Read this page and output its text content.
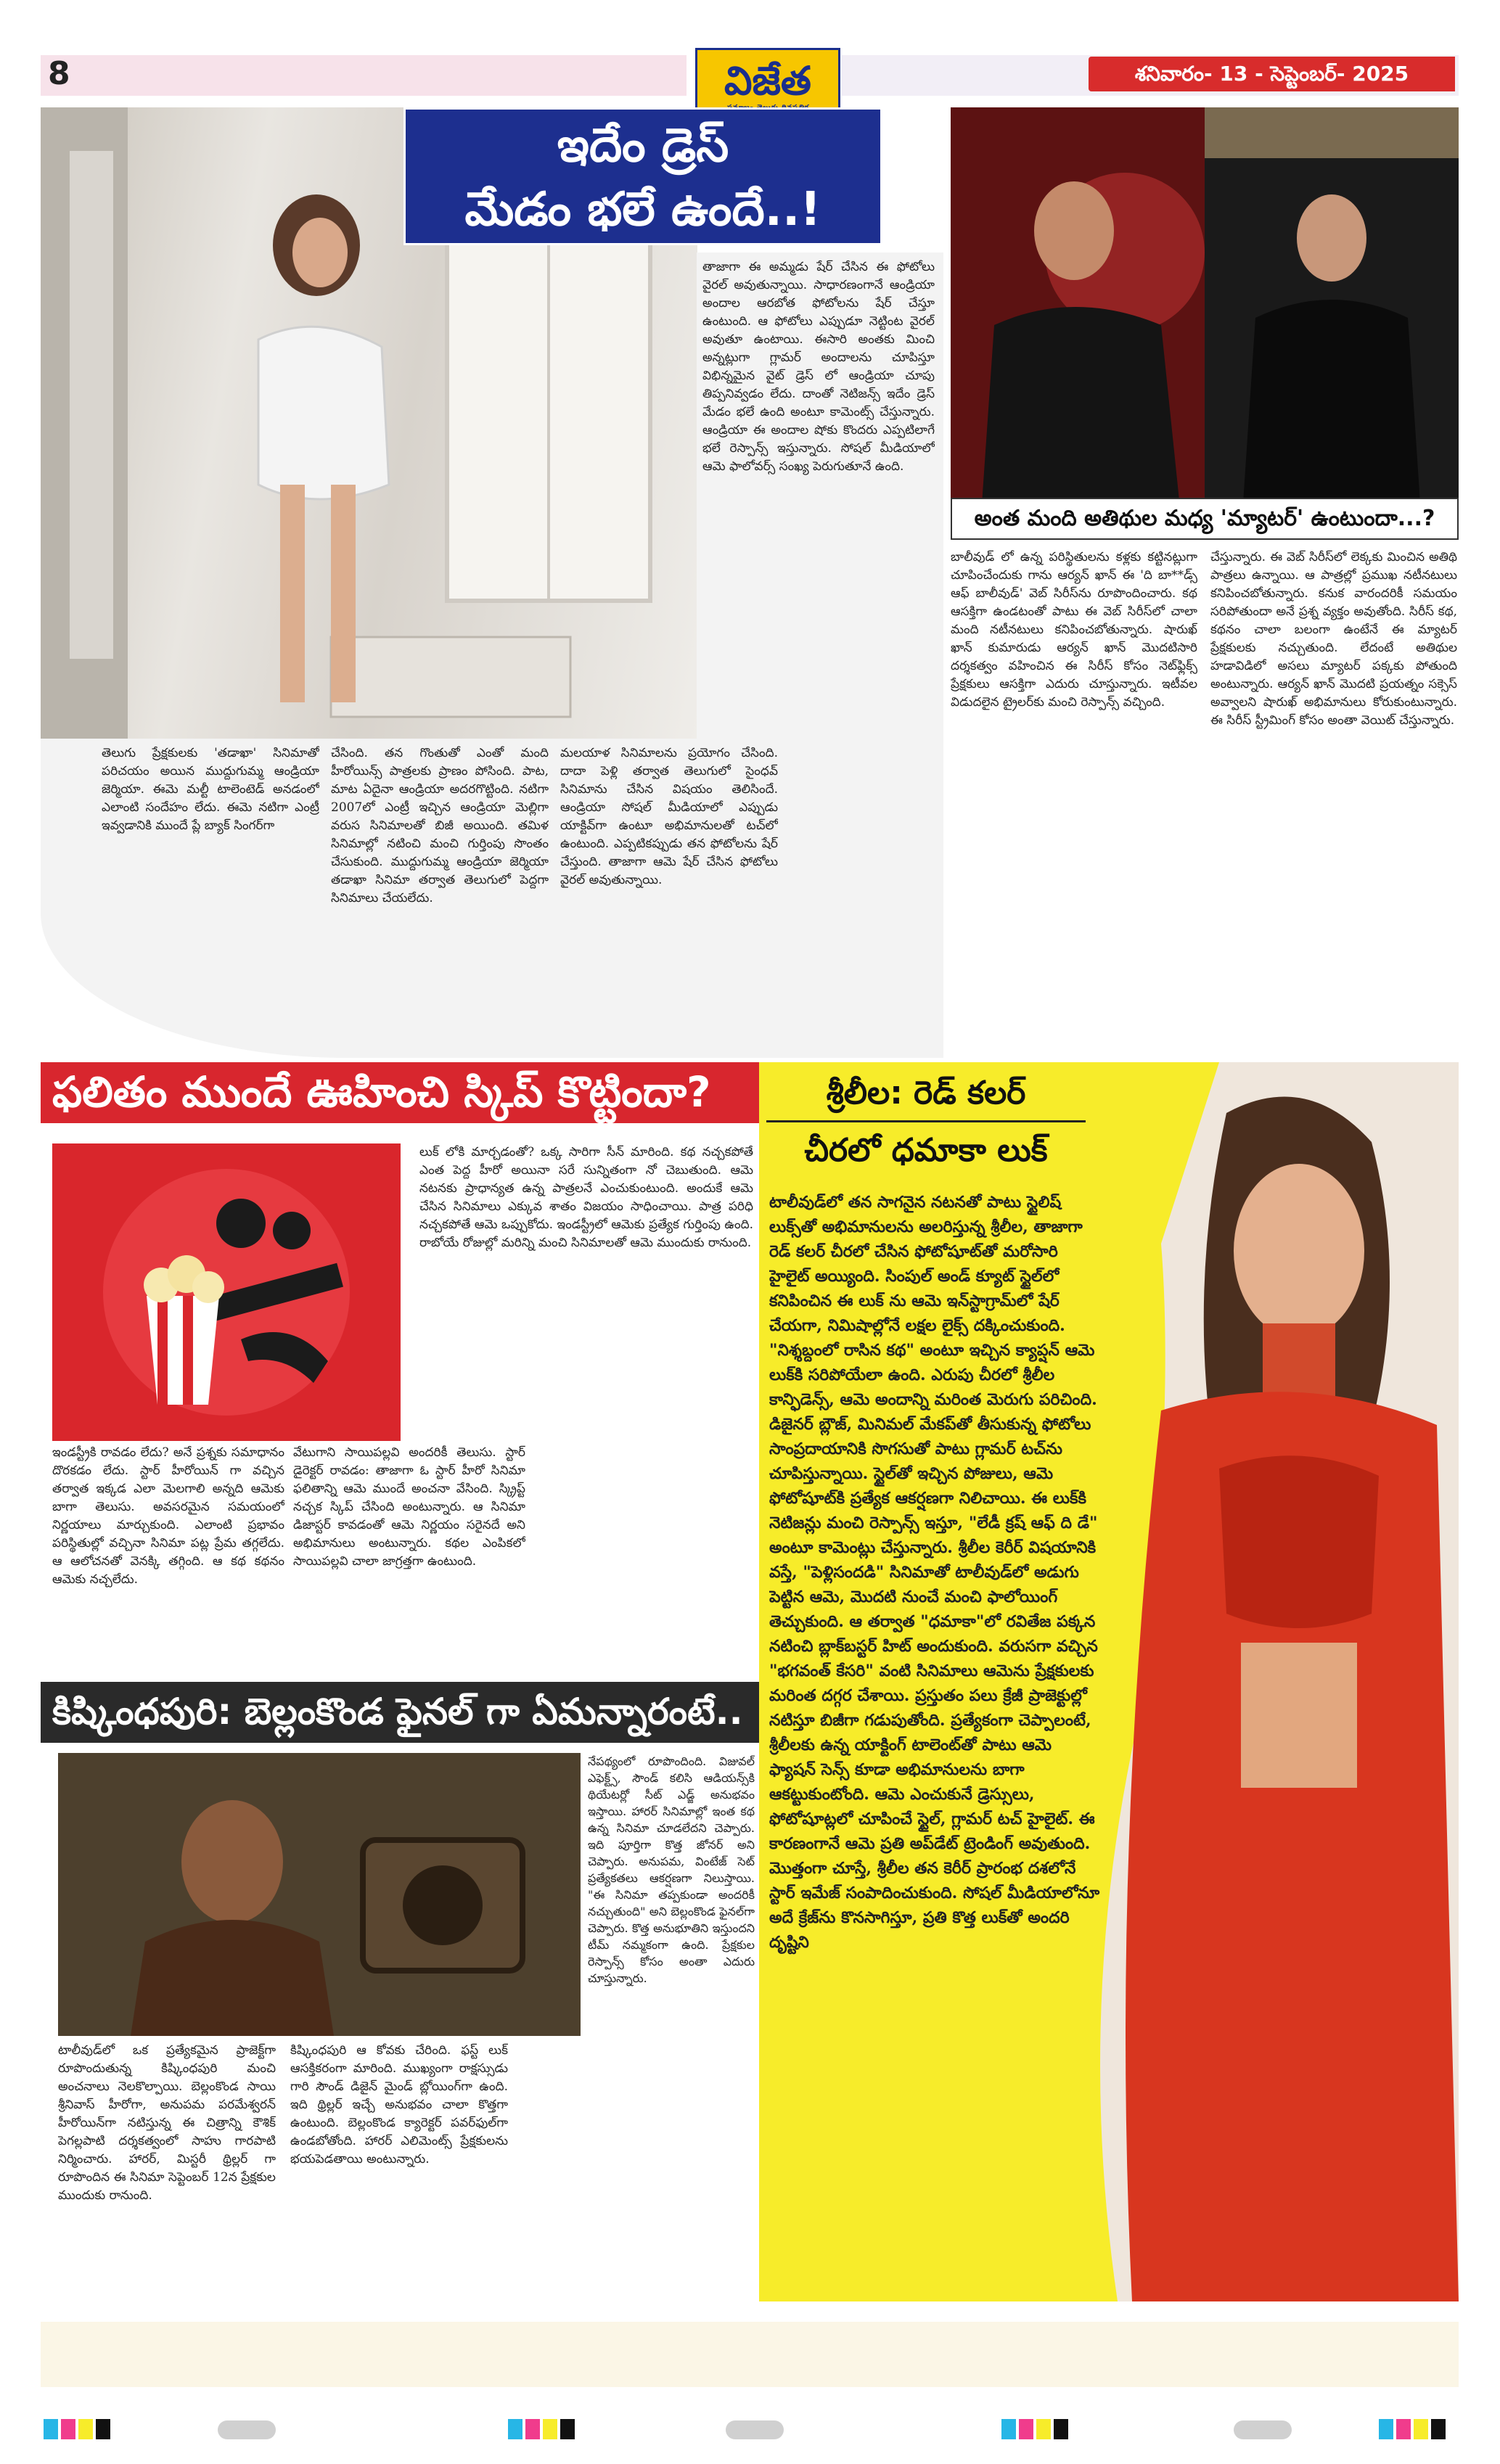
8	విజేత	శనివారం- 13 - సెప్టెంబర్- 2025
ఇదేం డ్రెస్
మేడం భలే ఉందే..!
తాజాగా ఈ అమ్మడు షేర్ చేసిన ఈ ఫోటోలు వైరల్ అవుతున్నాయి. సాధారణంగానే ఆండ్రియా అందాల ఆరబోత ఫోటోలను షేర్ చేస్తూ ఉంటుంది. ఆ ఫోటోలు ఎప్పుడూ నెట్టింట వైరల్ అవుతూ ఉంటాయి. ఈసారి అంతకు మించి అన్నట్లుగా గ్లామర్ అందాలను చూపిస్తూ విభిన్నమైన వైట్ డ్రెస్ లో ఆండ్రియా చూపు తిప్పనివ్వడం లేదు. దాంతో నెటిజన్స్ ఇదేం డ్రెస్ మేడం భలే ఉంది అంటూ కామెంట్స్ చేస్తున్నారు. ఆండ్రియా ఈ అందాల షోకు కొందరు ఎప్పటిలాగే భలే రెస్పాన్స్ ఇస్తున్నారు. సోషల్ మీడియాలో ఆమె ఫాలోవర్స్ సంఖ్య పెరుగుతూనే ఉంది.
తెలుగు ప్రేక్షకులకు 'తడాఖా' సినిమాతో పరిచయం అయిన ముద్దుగుమ్మ ఆండ్రియా జెర్మియా. ఈమె మల్టీ టాలెంటెడ్ అనడంలో ఎలాంటి సందేహం లేదు. ఈమె నటిగా ఎంట్రీ ఇవ్వడానికి ముందే ప్లే బ్యాక్ సింగర్‌గా
చేసింది. తన గొంతుతో ఎంతో మంది హీరోయిన్స్ పాత్రలకు ప్రాణం పోసింది. పాట, మాట ఏదైనా ఆండ్రియా అదరగొట్టింది. నటిగా 2007లో ఎంట్రీ ఇచ్చిన ఆండ్రియా మెల్లిగా వరుస సినిమాలతో బిజీ అయింది. తమిళ సినిమాల్లో నటించి మంచి గుర్తింపు సొంతం చేసుకుంది. ముద్దుగుమ్మ ఆండ్రియా జెర్మియా తడాఖా సినిమా తర్వాత తెలుగులో పెద్దగా సినిమాలు చేయలేదు.
మలయాళ సినిమాలను ప్రయోగం చేసింది. దాదా పెళ్లి తర్వాత తెలుగులో సైంధవ్ సినిమాను చేసిన విషయం తెలిసిందే. ఆండ్రియా సోషల్ మీడియాలో ఎప్పుడు యాక్టివ్‌గా ఉంటూ అభిమానులతో టచ్‌లో ఉంటుంది. ఎప్పటికప్పుడు తన ఫోటోలను షేర్ చేస్తుంది. తాజాగా ఆమె షేర్ చేసిన ఫోటోలు వైరల్ అవుతున్నాయి.
అంత మంది అతిథుల మధ్య 'మ్యాటర్' ఉంటుందా...?
బాలీవుడ్ లో ఉన్న పరిస్థితులను కళ్లకు కట్టినట్లుగా చూపించేందుకు గాను ఆర్యన్ ఖాన్ ఈ 'ది బా**డ్స్ ఆఫ్ బాలీవుడ్' వెబ్ సిరీస్‌ను రూపొందించారు. కథ ఆసక్తిగా ఉండటంతో పాటు ఈ వెబ్ సిరీస్‌లో చాలా మంది నటీనటులు కనిపించబోతున్నారు. షారుఖ్ ఖాన్ కుమారుడు ఆర్యన్ ఖాన్ మొదటిసారి దర్శకత్వం వహించిన ఈ సిరీస్ కోసం నెట్‌ఫ్లిక్స్ ప్రేక్షకులు ఆసక్తిగా ఎదురు చూస్తున్నారు. ఇటీవల విడుదలైన ట్రైలర్‌కు మంచి రెస్పాన్స్ వచ్చింది.
చేస్తున్నారు. ఈ వెబ్ సిరీస్‌లో లెక్కకు మించిన అతిథి పాత్రలు ఉన్నాయి. ఆ పాత్రల్లో ప్రముఖ నటీనటులు కనిపించబోతున్నారు. కనుక వారందరికీ సమయం సరిపోతుందా అనే ప్రశ్న వ్యక్తం అవుతోంది. సిరీస్ కథ, కథనం చాలా బలంగా ఉంటేనే ఈ మ్యాటర్ ప్రేక్షకులకు నచ్చుతుంది. లేదంటే అతిథుల హడావిడిలో అసలు మ్యాటర్ పక్కకు పోతుంది అంటున్నారు. ఆర్యన్ ఖాన్ మొదటి ప్రయత్నం సక్సెస్ అవ్వాలని షారుఖ్ అభిమానులు కోరుకుంటున్నారు. ఈ సిరీస్ స్ట్రీమింగ్ కోసం అంతా వెయిట్ చేస్తున్నారు.
ఫలితం ముందే ఊహించి స్కిప్ కొట్టిందా?
ఇండస్ట్రీకి రావడం లేదు? అనే ప్రశ్నకు సమాధానం దొరకడం లేదు. స్టార్ హీరోయిన్ గా వచ్చిన తర్వాత ఇక్కడ ఎలా మెలగాలి అన్నది ఆమెకు బాగా తెలుసు. అవసరమైన సమయంలో నిర్ణయాలు మార్చుకుంది. ఎలాంటి ప్రభావం పరిస్థితుల్లో వచ్చినా సినిమా పట్ల ప్రేమ తగ్గలేదు. ఆ ఆలోచనతో వెనక్కి తగ్గింది. ఆ కథ కథనం ఆమెకు నచ్చలేదు.
వేటుగాని సాయిపల్లవి అందరికీ తెలుసు. స్టార్ డైరెక్టర్ రావడం: తాజాగా ఓ స్టార్ హీరో సినిమా ఫలితాన్ని ఆమె ముందే అంచనా వేసింది. స్క్రిప్ట్ నచ్చక స్కిప్ చేసింది అంటున్నారు. ఆ సినిమా డిజాస్టర్ కావడంతో ఆమె నిర్ణయం సరైనదే అని అభిమానులు అంటున్నారు. కథల ఎంపికలో సాయిపల్లవి చాలా జాగ్రత్తగా ఉంటుంది.
లుక్ లోకి మార్చడంతో? ఒక్క సారిగా సీన్ మారింది. కథ నచ్చకపోతే ఎంత పెద్ద హీరో అయినా సరే సున్నితంగా నో చెబుతుంది. ఆమె నటనకు ప్రాధాన్యత ఉన్న పాత్రలనే ఎంచుకుంటుంది. అందుకే ఆమె చేసిన సినిమాలు ఎక్కువ శాతం విజయం సాధించాయి. పాత్ర పరిధి నచ్చకపోతే ఆమె ఒప్పుకోదు. ఇండస్ట్రీలో ఆమెకు ప్రత్యేక గుర్తింపు ఉంది. రాబోయే రోజుల్లో మరిన్ని మంచి సినిమాలతో ఆమె ముందుకు రానుంది.
శ్రీలీల: రెడ్ కలర్
చీరలో ధమాకా లుక్
టాలీవుడ్‌లో తన సాగనైన నటనతో పాటు స్టైలిష్ లుక్స్‌తో అభిమానులను అలరిస్తున్న శ్రీలీల, తాజాగా రెడ్ కలర్ చీరలో చేసిన ఫోటోషూట్‌తో మరోసారి హైలైట్ అయ్యింది. సింపుల్ అండ్ క్యూట్ స్టైల్‌లో కనిపించిన ఈ లుక్ ను ఆమె ఇన్‌స్టాగ్రామ్‌లో షేర్ చేయగా, నిమిషాల్లోనే లక్షల లైక్స్ దక్కించుకుంది. "నిశ్శబ్దంలో రాసిన కథ" అంటూ ఇచ్చిన క్యాప్షన్ ఆమె లుక్‌కి సరిపోయేలా ఉంది. ఎరుపు చీరలో శ్రీలీల కాన్ఫిడెన్స్, ఆమె అందాన్ని మరింత మెరుగు పరిచింది. డిజైనర్ బ్లౌజ్, మినిమల్ మేకప్‌తో తీసుకున్న ఫోటోలు సాంప్రదాయానికి సొగసుతో పాటు గ్లామర్ టచ్‌ను చూపిస్తున్నాయి. స్టైల్‌తో ఇచ్చిన పోజులు, ఆమె ఫోటోషూట్‌కి ప్రత్యేక ఆకర్షణగా నిలిచాయి. ఈ లుక్‌కి నెటిజన్లు మంచి రెస్పాన్స్ ఇస్తూ, "లేడీ క్రష్ ఆఫ్ ది డే" అంటూ కామెంట్లు చేస్తున్నారు. శ్రీలీల కెరీర్ విషయానికి వస్తే, "పెళ్లిసందడి" సినిమాతో టాలీవుడ్‌లో అడుగు పెట్టిన ఆమె, మొదటి నుంచే మంచి ఫాలోయింగ్ తెచ్చుకుంది. ఆ తర్వాత "ధమాకా"లో రవితేజ పక్కన నటించి బ్లాక్‌బస్టర్ హిట్ అందుకుంది. వరుసగా వచ్చిన "భగవంత్ కేసరి" వంటి సినిమాలు ఆమెను ప్రేక్షకులకు మరింత దగ్గర చేశాయి. ప్రస్తుతం పలు క్రేజీ ప్రాజెక్టుల్లో నటిస్తూ బిజీగా గడుపుతోంది. ప్రత్యేకంగా చెప్పాలంటే, శ్రీలీలకు ఉన్న యాక్టింగ్ టాలెంట్‌తో పాటు ఆమె ఫ్యాషన్ సెన్స్ కూడా అభిమానులను బాగా ఆకట్టుకుంటోంది. ఆమె ఎంచుకునే డ్రెస్సులు, ఫోటోషూట్లలో చూపించే స్టైల్, గ్లామర్ టచ్ హైలైట్. ఈ కారణంగానే ఆమె ప్రతి అప్‌డేట్ ట్రెండింగ్ అవుతుంది. మొత్తంగా చూస్తే, శ్రీలీల తన కెరీర్ ప్రారంభ దశలోనే స్టార్ ఇమేజ్ సంపాదించుకుంది. సోషల్ మీడియాలోనూ అదే క్రేజ్‌ను కొనసాగిస్తూ, ప్రతి కొత్త లుక్‌తో అందరి దృష్టిని
కిష్కింధపురి: బెల్లంకొండ ఫైనల్ గా ఏమన్నారంటే..
నేపథ్యంలో రూపొందింది. విజువల్ ఎఫెక్ట్స్, సౌండ్ కలిసి ఆడియన్స్‌కి థియేటర్లో సీట్ ఎడ్జ్ అనుభవం ఇస్తాయి. హారర్ సినిమాల్లో ఇంత కథ ఉన్న సినిమా చూడలేదని చెప్పారు. ఇది పూర్తిగా కొత్త జోనర్ అని చెప్పారు. అనుపమ, వింటేజ్ సెట్ ప్రత్యేకతలు ఆకర్షణగా నిలుస్తాయి. "ఈ సినిమా తప్పకుండా అందరికీ నచ్చుతుంది" అని బెల్లంకొండ ఫైనల్‌గా చెప్పారు. కొత్త అనుభూతిని ఇస్తుందని టీమ్ నమ్మకంగా ఉంది. ప్రేక్షకుల రెస్పాన్స్ కోసం అంతా ఎదురు చూస్తున్నారు.
టాలీవుడ్‌లో ఒక ప్రత్యేకమైన ప్రాజెక్ట్‌గా రూపొందుతున్న కిష్కింధపురి మంచి అంచనాలు నెలకొల్పాయి. బెల్లంకొండ సాయి శ్రీనివాస్ హీరోగా, అనుపమ పరమేశ్వరన్ హీరోయిన్‌గా నటిస్తున్న ఈ చిత్రాన్ని కౌశిక్ పెగల్లపాటి దర్శకత్వంలో సాహు గారపాటి నిర్మించారు. హారర్, మిస్టరీ థ్రిల్లర్ గా రూపొందిన ఈ సినిమా సెప్టెంబర్ 12న ప్రేక్షకుల ముందుకు రానుంది.
కిష్కింధపురి ఆ కోవకు చేరింది. ఫస్ట్ లుక్ ఆసక్తికరంగా మారింది. ముఖ్యంగా రాక్షస్సుడు గారి సౌండ్ డిజైన్ మైండ్ బ్లోయింగ్‌గా ఉంది. ఇది థ్రిల్లర్ ఇచ్చే అనుభవం చాలా కొత్తగా ఉంటుంది. బెల్లంకొండ క్యారెక్టర్ పవర్‌ఫుల్‌గా ఉండబోతోంది. హారర్ ఎలిమెంట్స్ ప్రేక్షకులను భయపెడతాయి అంటున్నారు.
